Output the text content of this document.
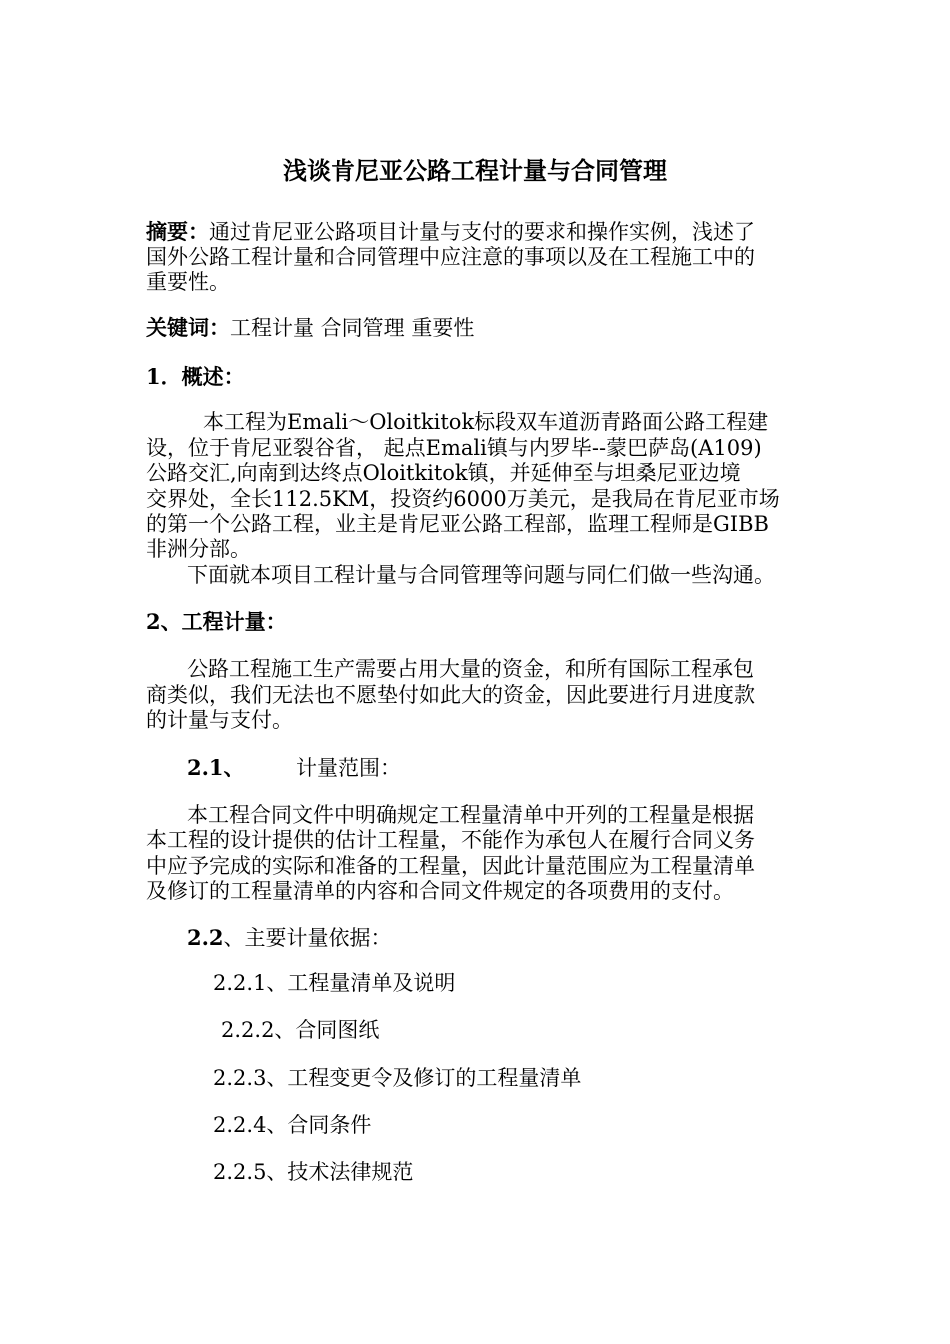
浅谈肯尼亚公路工程计量与合同管理
摘要：通过肯尼亚公路项目计量与支付的要求和操作实例，浅述了
国外公路工程计量和合同管理中应注意的事项以及在工程施工中的
重要性。
关键词：工程计量 合同管理 重要性
1．概述：
本工程为Emali～Oloitkitok标段双车道沥青路面公路工程建
设，位于肯尼亚裂谷省， 起点Emali镇与内罗毕--蒙巴萨岛(A109)
公路交汇,向南到达终点Oloitkitok镇，并延伸至与坦桑尼亚边境
交界处，全长112.5KM，投资约6000万美元，是我局在肯尼亚市场
的第一个公路工程，业主是肯尼亚公路工程部，监理工程师是GIBB
非洲分部。
下面就本项目工程计量与合同管理等问题与同仁们做一些沟通。
2、工程计量：
公路工程施工生产需要占用大量的资金，和所有国际工程承包
商类似，我们无法也不愿垫付如此大的资金，因此要进行月进度款
的计量与支付。
2.1、 计量范围：
本工程合同文件中明确规定工程量清单中开列的工程量是根据
本工程的设计提供的估计工程量，不能作为承包人在履行合同义务
中应予完成的实际和准备的工程量，因此计量范围应为工程量清单
及修订的工程量清单的内容和合同文件规定的各项费用的支付。
2.2、主要计量依据：
2.2.1、工程量清单及说明
2.2.2、合同图纸
2.2.3、工程变更令及修订的工程量清单
2.2.4、合同条件
2.2.5、技术法律规范
